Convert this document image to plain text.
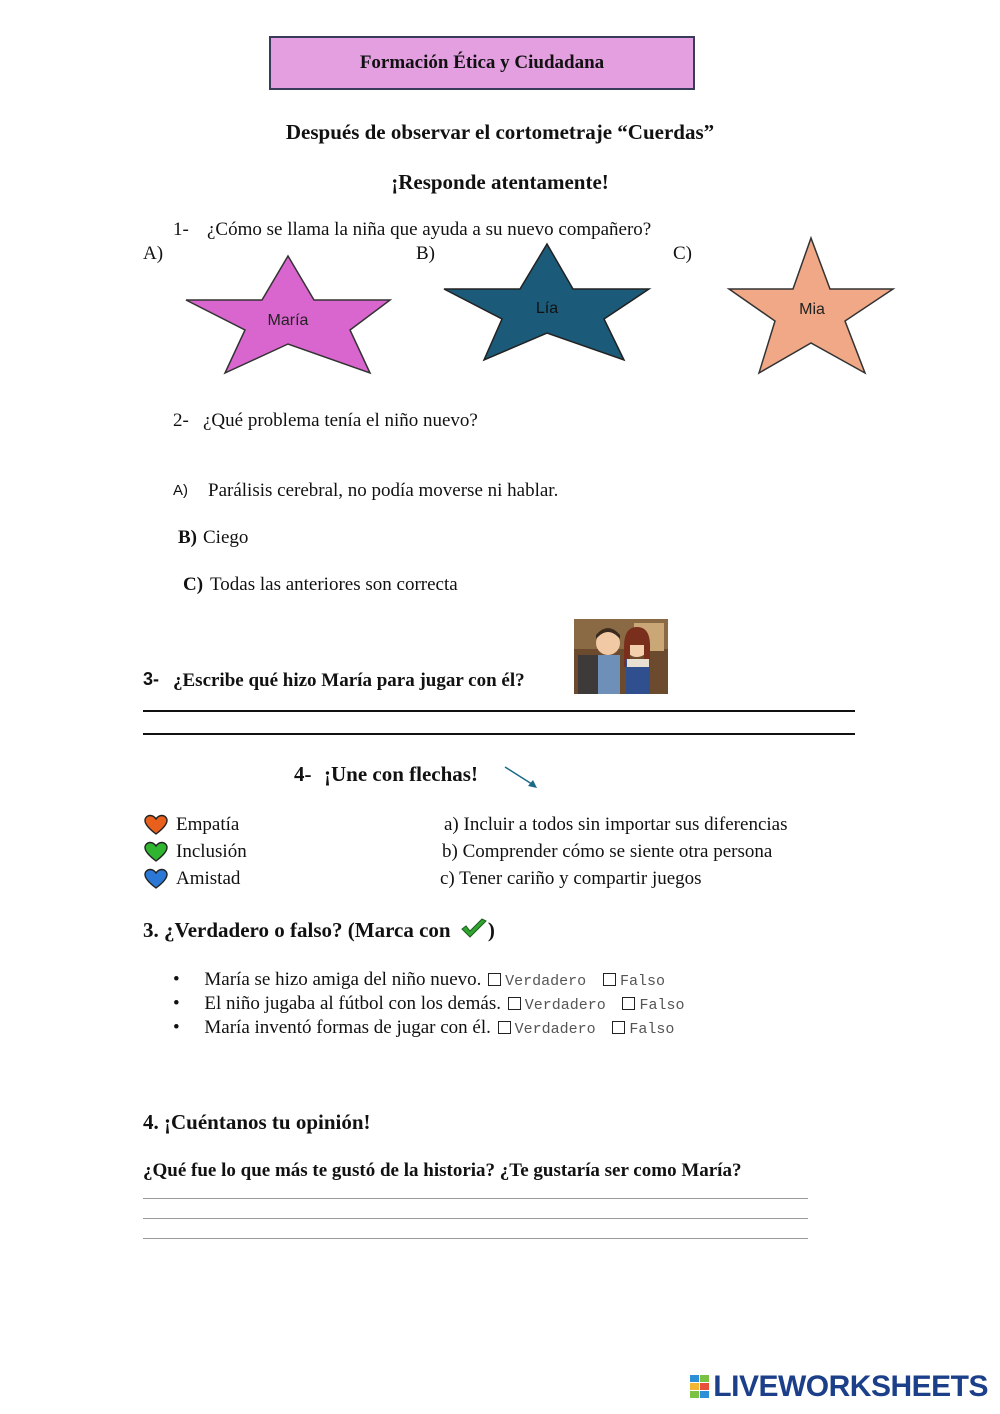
Formación Ética y Ciudadana
Después de observar el cortometraje “Cuerdas”
¡Responde atentamente!
1- ¿Cómo se llama la niña que ayuda a su nuevo compañero?
A)	B)	C)
María
Lía	Mia
2- ¿Qué problema tenía el niño nuevo?
A) Parálisis cerebral, no podía moverse ni hablar.
B) Ciego
C) Todas las anteriores son correcta
3- ¿Escribe qué hizo María para jugar con él?
4- ¡Une con flechas!
Empatía
Inclusión
Amistad
a) Incluir a todos sin importar sus diferencias
b) Comprender cómo se siente otra persona
c) Tener cariño y compartir juegos
3. ¿Verdadero o falso? (Marca con )
• María se hizo amiga del niño nuevo. Verdadero Falso
• El niño jugaba al fútbol con los demás. Verdadero Falso
• María inventó formas de jugar con él. Verdadero Falso
4. ¡Cuéntanos tu opinión!
¿Qué fue lo que más te gustó de la historia? ¿Te gustaría ser como María?
LIVEWORKSHEETS
